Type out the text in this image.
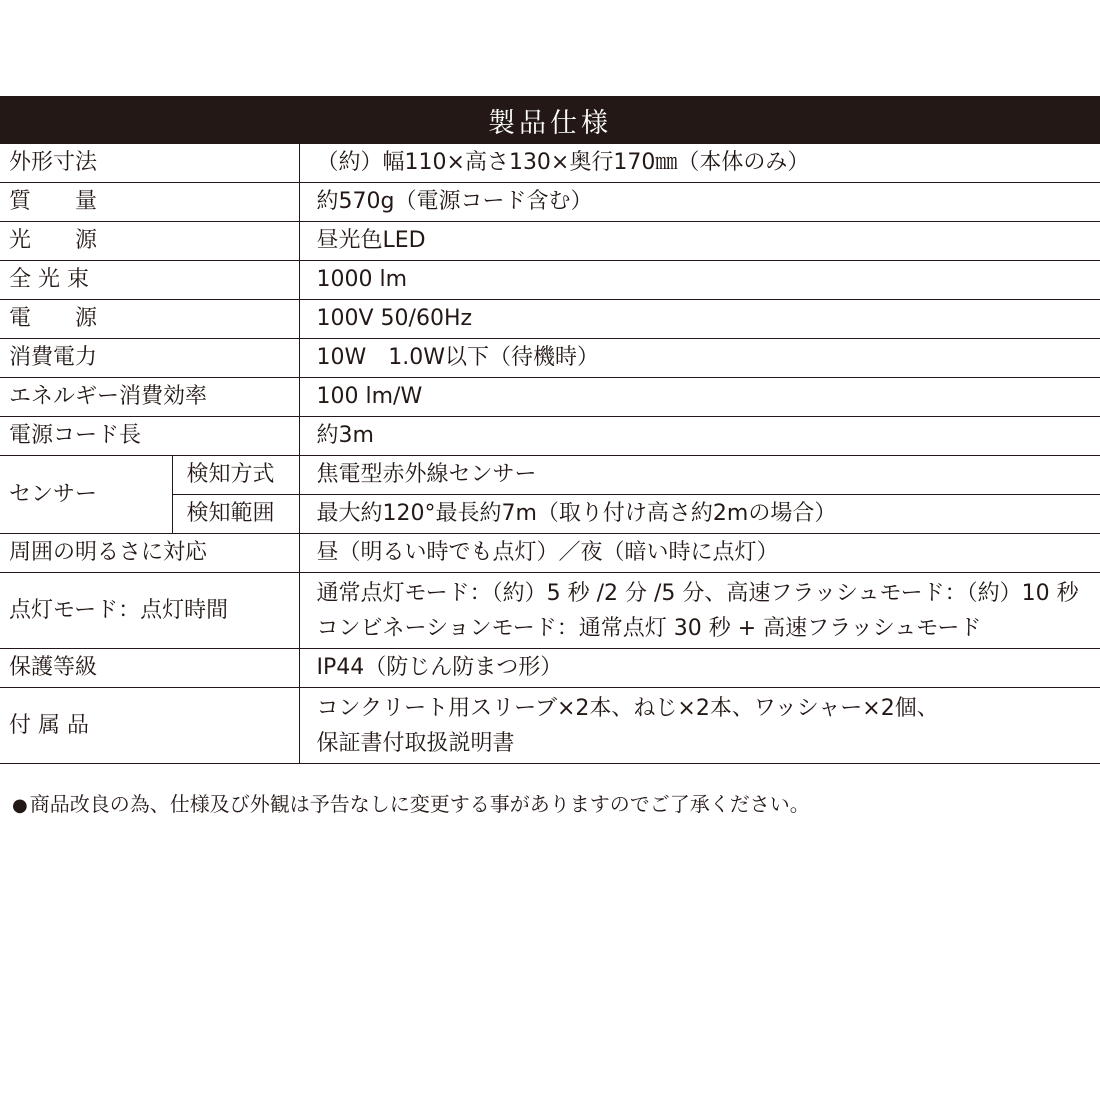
製品仕様
外形寸法		（約）幅110×高さ130×奥行170㎜（本体のみ）
質　　量		約570g（電源コード含む）
光　　源		昼光色LED
全 光 束		1000 lm
電　　源		100V 50/60Hz
消費電力		10W　1.0W以下（待機時）
エネルギー消費効率		100 lm/W
電源コード長		約3m
センサー	検知方式	焦電型赤外線センサー
	検知範囲	最大約120°最長約7m（取り付け高さ約2mの場合）
周囲の明るさに対応		昼（明るい時でも点灯）／夜（暗い時に点灯）
点灯モード：点灯時間		通常点灯モード：（約）5 秒 /2 分 /5 分、高速フラッシュモード：（約）10 秒
コンビネーションモード：通常点灯 30 秒 + 高速フラッシュモード

保護等級		IP44（防じん防まつ形）
付 属 品		コンクリート用スリーブ×2本、ねじ×2本、ワッシャー×2個、
保証書付取扱説明書
● 商品改良の為、仕様及び外観は予告なしに変更する事がありますのでご了承ください。
